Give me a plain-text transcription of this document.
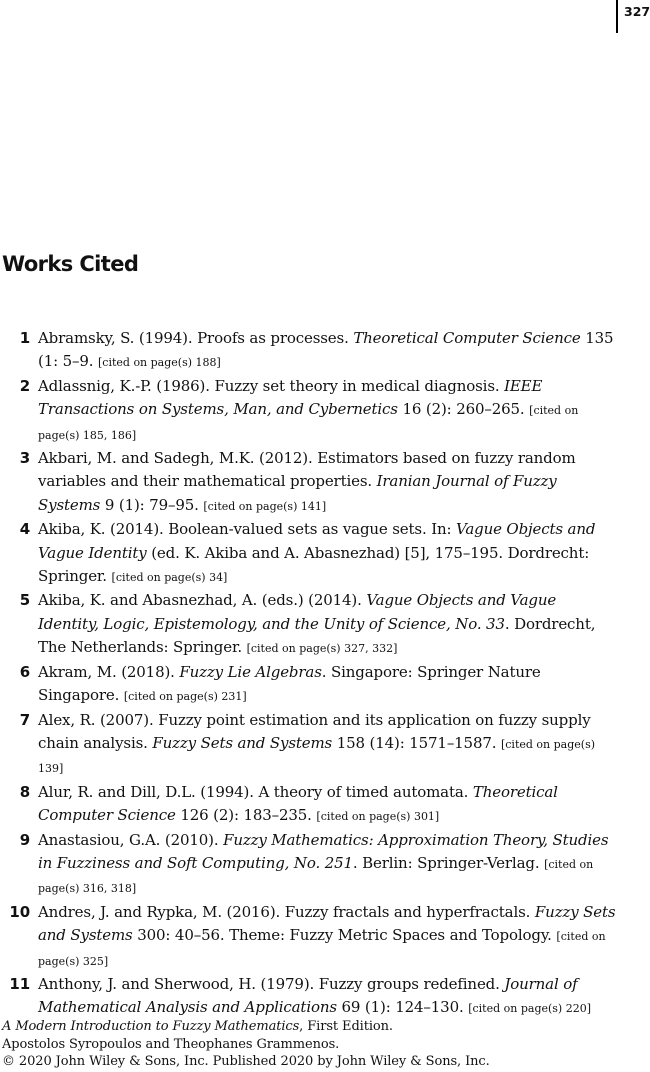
327
Works Cited
1 Abramsky, S. (1994). Proofs as processes. Theoretical Computer Science 135 (1: 5–9. [cited on page(s) 188]
2 Adlassnig, K.-P. (1986). Fuzzy set theory in medical diagnosis. IEEE Transactions on Systems, Man, and Cybernetics 16 (2): 260–265. [cited on page(s) 185, 186]
3 Akbari, M. and Sadegh, M.K. (2012). Estimators based on fuzzy random variables and their mathematical properties. Iranian Journal of Fuzzy Systems 9 (1): 79–95. [cited on page(s) 141]
4 Akiba, K. (2014). Boolean-valued sets as vague sets. In: Vague Objects and Vague Identity (ed. K. Akiba and A. Abasnezhad) [5], 175–195. Dordrecht: Springer. [cited on page(s) 34]
5 Akiba, K. and Abasnezhad, A. (eds.) (2014). Vague Objects and Vague Identity, Logic, Epistemology, and the Unity of Science, No. 33. Dordrecht, The Netherlands: Springer. [cited on page(s) 327, 332]
6 Akram, M. (2018). Fuzzy Lie Algebras. Singapore: Springer Nature Singapore. [cited on page(s) 231]
7 Alex, R. (2007). Fuzzy point estimation and its application on fuzzy supply chain analysis. Fuzzy Sets and Systems 158 (14): 1571–1587. [cited on page(s) 139]
8 Alur, R. and Dill, D.L. (1994). A theory of timed automata. Theoretical Computer Science 126 (2): 183–235. [cited on page(s) 301]
9 Anastasiou, G.A. (2010). Fuzzy Mathematics: Approximation Theory, Studies in Fuzziness and Soft Computing, No. 251. Berlin: Springer-Verlag. [cited on page(s) 316, 318]
10 Andres, J. and Rypka, M. (2016). Fuzzy fractals and hyperfractals. Fuzzy Sets and Systems 300: 40–56. Theme: Fuzzy Metric Spaces and Topology. [cited on page(s) 325]
11 Anthony, J. and Sherwood, H. (1979). Fuzzy groups redefined. Journal of Mathematical Analysis and Applications 69 (1): 124–130. [cited on page(s) 220]
A Modern Introduction to Fuzzy Mathematics, First Edition.
Apostolos Syropoulos and Theophanes Grammenos.
© 2020 John Wiley & Sons, Inc. Published 2020 by John Wiley & Sons, Inc.
